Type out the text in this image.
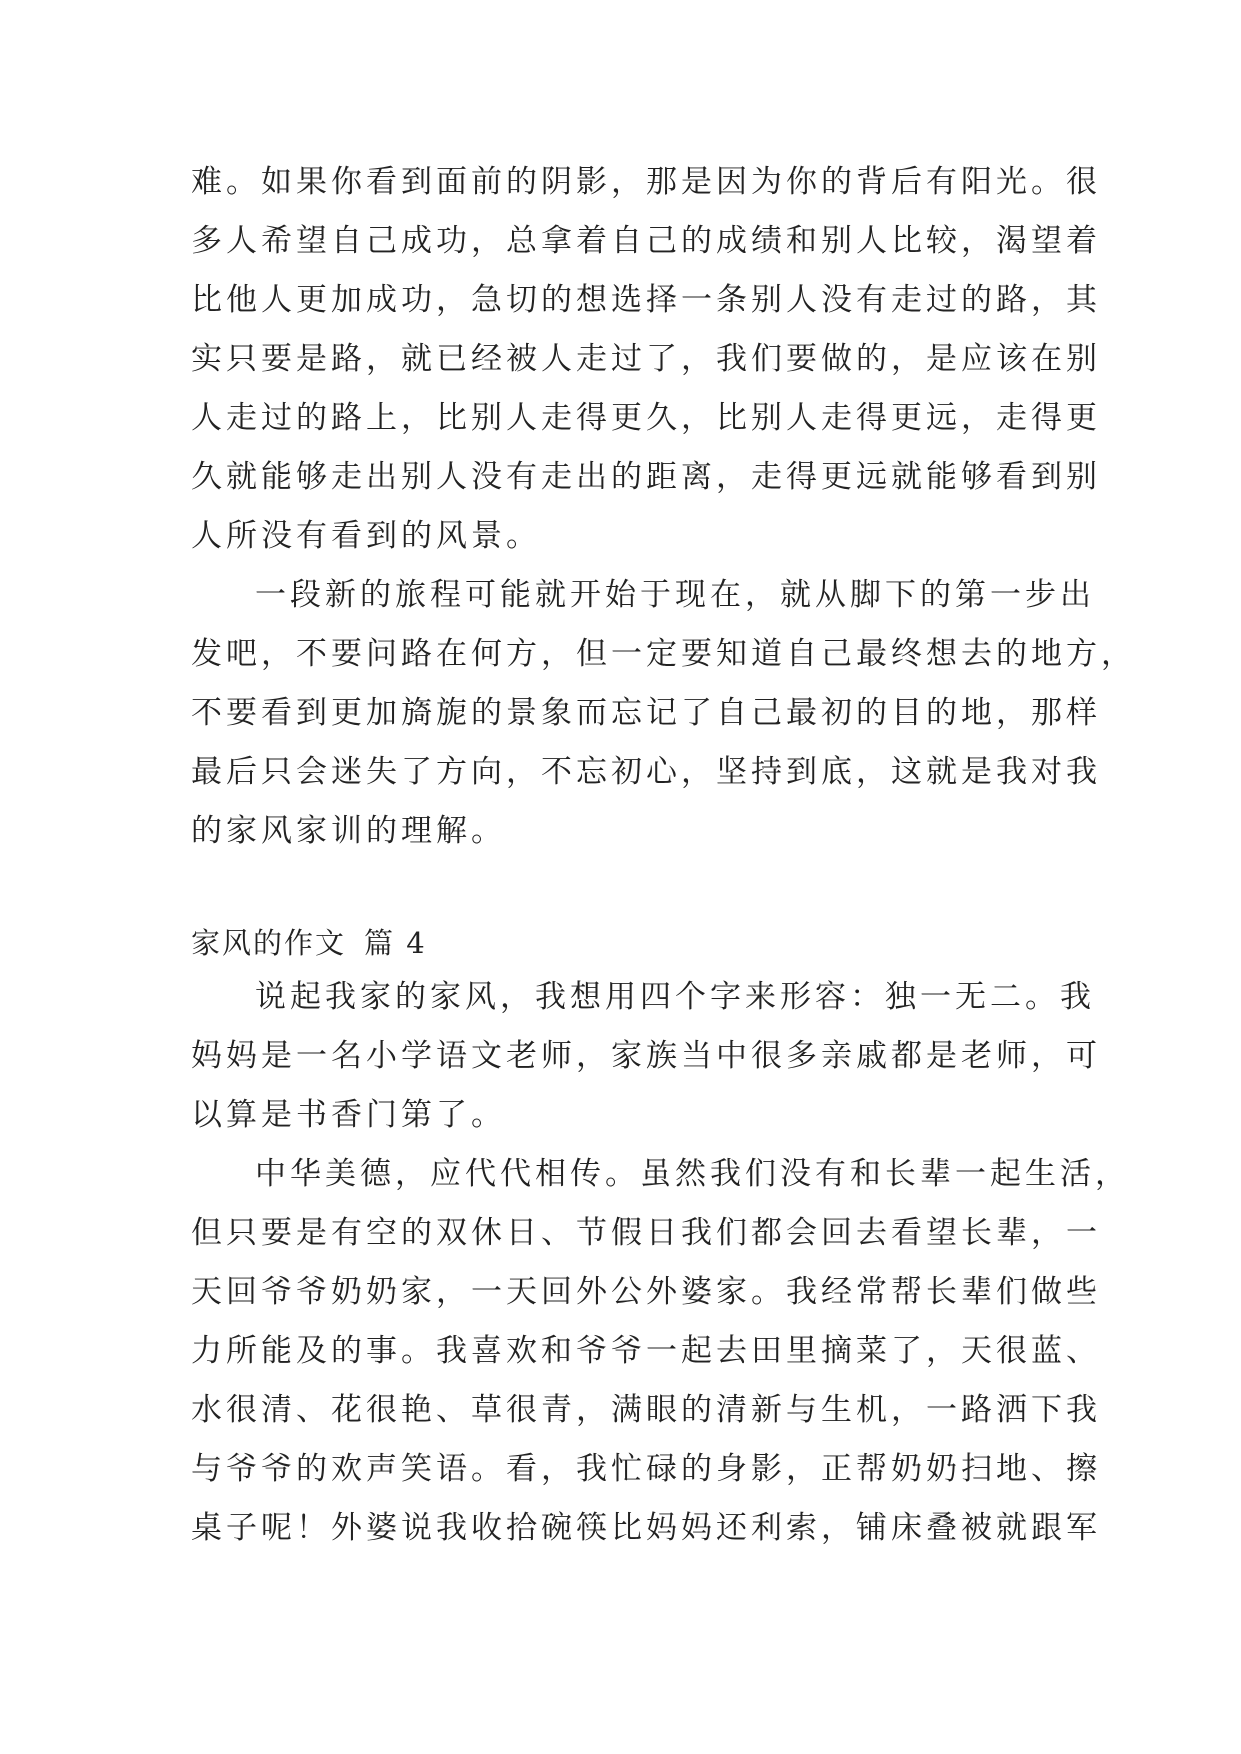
难。如果你看到面前的阴影，那是因为你的背后有阳光。很
多人希望自己成功，总拿着自己的成绩和别人比较，渴望着
比他人更加成功，急切的想选择一条别人没有走过的路，其
实只要是路，就已经被人走过了，我们要做的，是应该在别
人走过的路上，比别人走得更久，比别人走得更远，走得更
久就能够走出别人没有走出的距离，走得更远就能够看到别
人所没有看到的风景。
一段新的旅程可能就开始于现在，就从脚下的第一步出
发吧，不要问路在何方，但一定要知道自己最终想去的地方，
不要看到更加旖旎的景象而忘记了自己最初的目的地，那样
最后只会迷失了方向，不忘初心，坚持到底，这就是我对我
的家风家训的理解。
家风的作文 篇 4
说起我家的家风，我想用四个字来形容：独一无二。我
妈妈是一名小学语文老师，家族当中很多亲戚都是老师，可
以算是书香门第了。
中华美德，应代代相传。虽然我们没有和长辈一起生活，
但只要是有空的双休日、节假日我们都会回去看望长辈，一
天回爷爷奶奶家，一天回外公外婆家。我经常帮长辈们做些
力所能及的事。我喜欢和爷爷一起去田里摘菜了，天很蓝、
水很清、花很艳、草很青，满眼的清新与生机，一路洒下我
与爷爷的欢声笑语。看，我忙碌的身影，正帮奶奶扫地、擦
桌子呢！外婆说我收拾碗筷比妈妈还利索，铺床叠被就跟军
